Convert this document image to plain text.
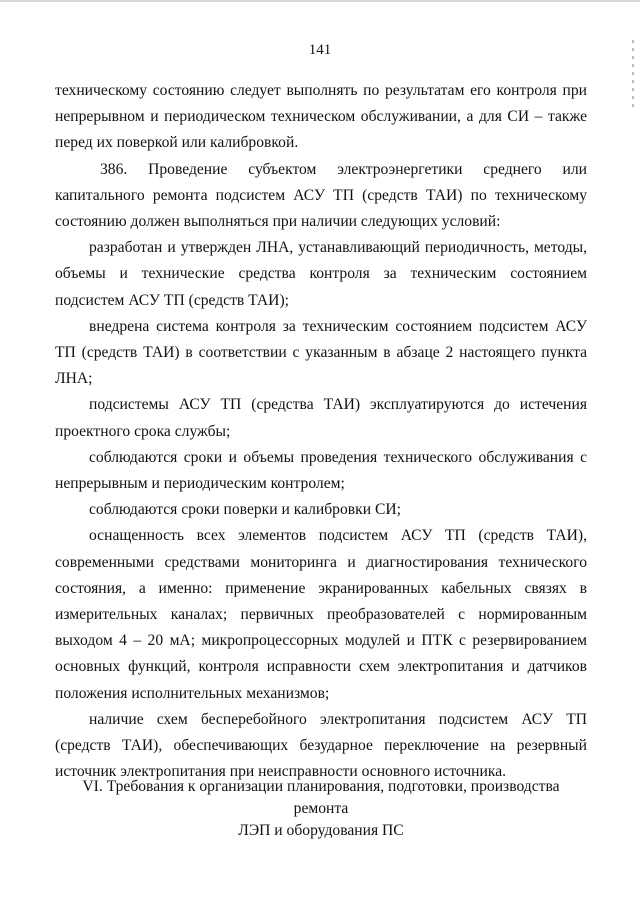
141

техническому состоянию следует выполнять по результатам его контроля при непрерывном и периодическом техническом обслуживании, а для СИ – также перед их поверкой или калибровкой.

386. Проведение субъектом электроэнергетики среднего или капитального ремонта подсистем АСУ ТП (средств ТАИ) по техническому состоянию должен выполняться при наличии следующих условий:

разработан и утвержден ЛНА, устанавливающий периодичность, методы, объемы и технические средства контроля за техническим состоянием подсистем АСУ ТП (средств ТАИ);

внедрена система контроля за техническим состоянием подсистем АСУ ТП (средств ТАИ) в соответствии с указанным в абзаце 2 настоящего пункта ЛНА;

подсистемы АСУ ТП (средства ТАИ) эксплуатируются до истечения проектного срока службы;

соблюдаются сроки и объемы проведения технического обслуживания с непрерывным и периодическим контролем;

соблюдаются сроки поверки и калибровки СИ;

оснащенность всех элементов подсистем АСУ ТП (средств ТАИ), современными средствами мониторинга и диагностирования технического состояния, а именно: применение экранированных кабельных связях в измерительных каналах; первичных преобразователей с нормированным выходом 4 – 20 мА; микропроцессорных модулей и ПТК с резервированием основных функций, контроля исправности схем электропитания и датчиков положения исполнительных механизмов;

наличие схем бесперебойного электропитания подсистем АСУ ТП (средств ТАИ), обеспечивающих безударное переключение на резервный источник электропитания при неисправности основного источника.

VI. Требования к организации планирования, подготовки, производства ремонта
ЛЭП и оборудования ПС
